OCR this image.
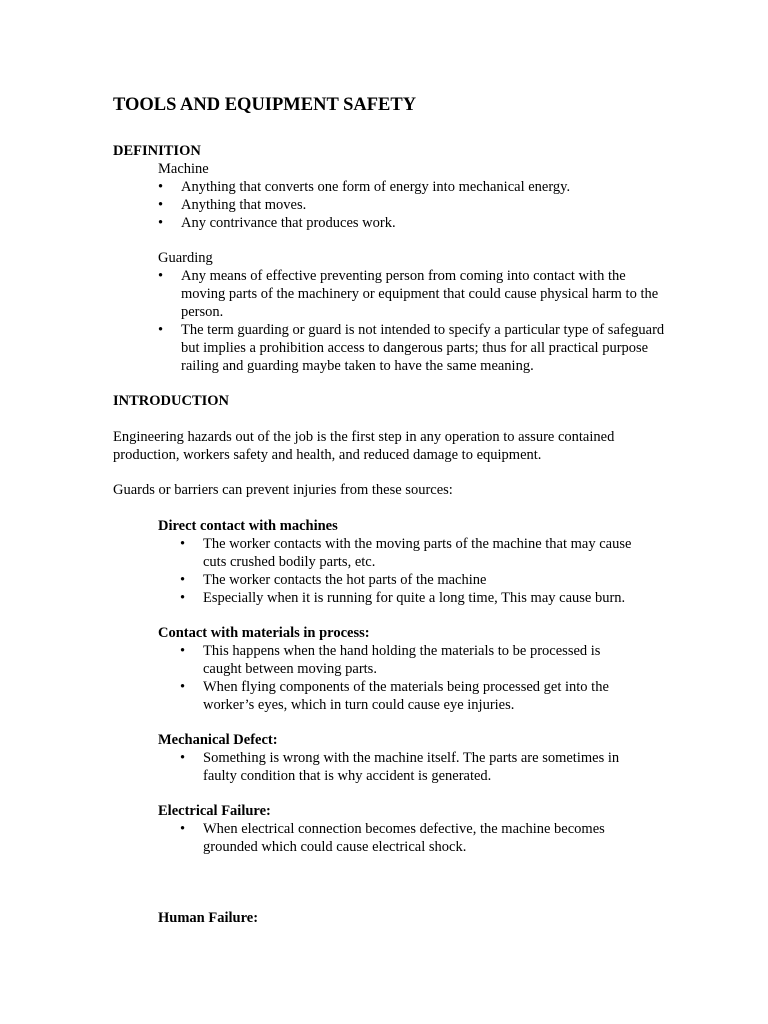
TOOLS AND EQUIPMENT SAFETY
DEFINITION
Machine
• Anything that converts one form of energy into mechanical energy.
• Anything that moves.
• Any contrivance that produces work.
Guarding
• Any means of effective preventing person from coming into contact with the moving parts of the machinery or equipment that could cause physical harm to the person.
• The term guarding or guard is not intended to specify a particular type of safeguard but implies a prohibition access to dangerous parts; thus for all practical purpose railing and guarding maybe taken to have the same meaning.
INTRODUCTION
Engineering hazards out of the job is the first step in any operation to assure contained production, workers safety and health, and reduced damage to equipment.
Guards or barriers can prevent injuries from these sources:
Direct contact with machines
• The worker contacts with the moving parts of the machine that may cause cuts crushed bodily parts, etc.
• The worker contacts the hot parts of the machine
• Especially when it is running for quite a long time, This may cause burn.
Contact with materials in process:
• This happens when the hand holding the materials to be processed is caught between moving parts.
• When flying components of the materials being processed get into the worker’s eyes, which in turn could cause eye injuries.
Mechanical Defect:
• Something is wrong with the machine itself. The parts are sometimes in faulty condition that is why accident is generated.
Electrical Failure:
• When electrical connection becomes defective, the machine becomes grounded which could cause electrical shock.
Human Failure:
